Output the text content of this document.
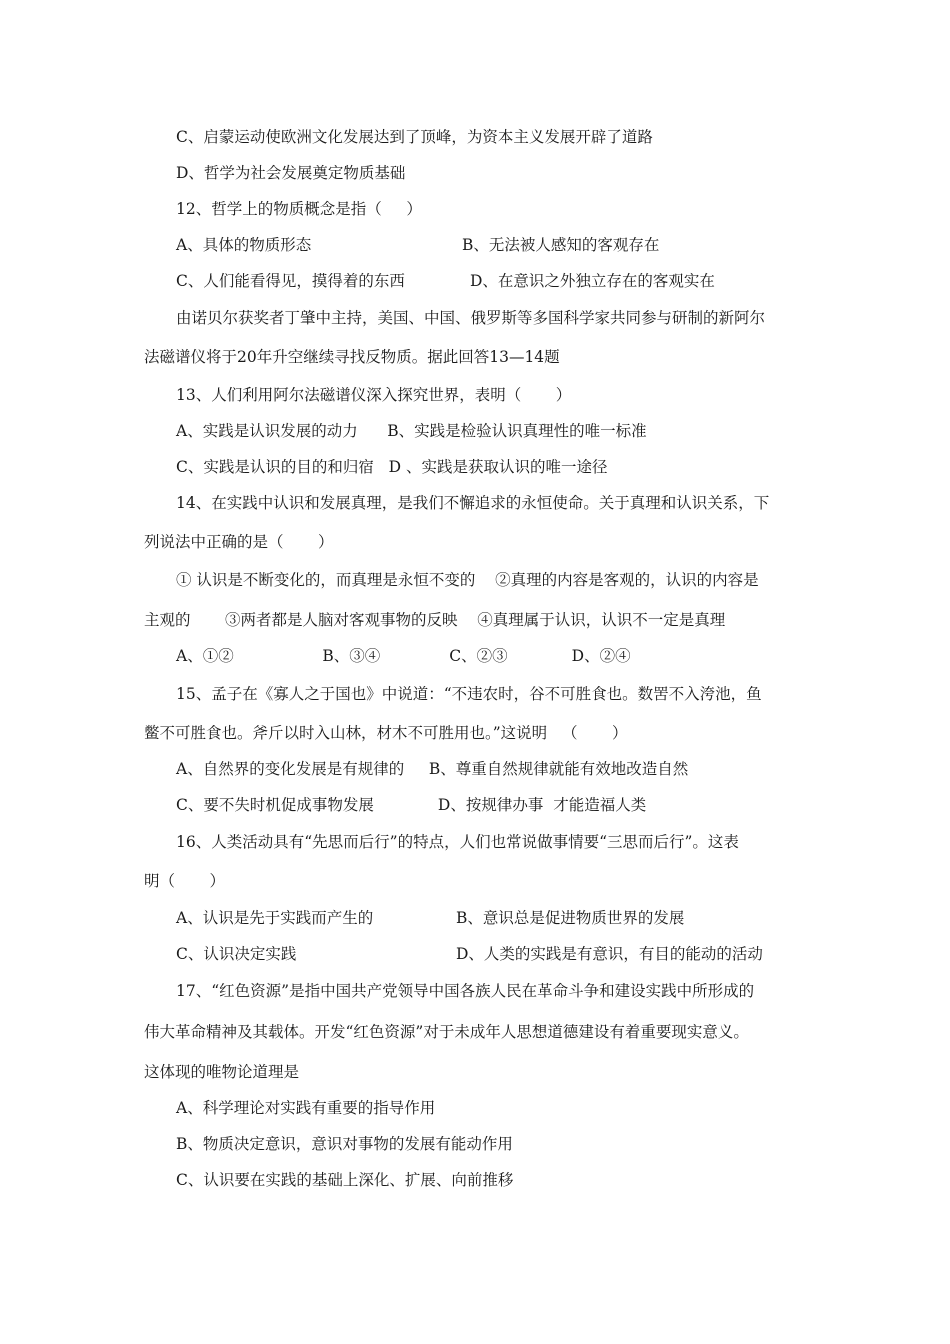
C、启蒙运动使欧洲文化发展达到了顶峰，为资本主义发展开辟了道路
D、哲学为社会发展奠定物质基础
12、哲学上的物质概念是指（     ）
A、具体的物质形态	B、无法被人感知的客观存在
C、人们能看得见，摸得着的东西	D、在意识之外独立存在的客观实在
由诺贝尔获奖者丁肇中主持，美国、中国、俄罗斯等多国科学家共同参与研制的新阿尔
法磁谱仪将于20年升空继续寻找反物质。据此回答13—14题
13、人们利用阿尔法磁谱仪深入探究世界，表明（       ）
A、实践是认识发展的动力      B、实践是检验认识真理性的唯一标准
C、实践是认识的目的和归宿   D 、实践是获取认识的唯一途径
14、在实践中认识和发展真理，是我们不懈追求的永恒使命。关于真理和认识关系，下
列说法中正确的是（       ）
① 认识是不断变化的，而真理是永恒不变的    ②真理的内容是客观的，认识的内容是
主观的       ③两者都是人脑对客观事物的反映    ④真理属于认识，认识不一定是真理
A、①②                  B、③④              C、②③             D、②④
15、孟子在《寡人之于国也》中说道：“不违农时，谷不可胜食也。数罟不入洿池，鱼
鳖不可胜食也。斧斤以时入山林，材木不可胜用也。”这说明   （       ）
A、自然界的变化发展是有规律的     B、尊重自然规律就能有效地改造自然
C、要不失时机促成事物发展             D、按规律办事  才能造福人类
16、人类活动具有“先思而后行”的特点，人们也常说做事情要“三思而后行”。这表
明（       ）
A、认识是先于实践而产生的	B、意识总是促进物质世界的发展
C、认识决定实践	D、人类的实践是有意识，有目的能动的活动
17、“红色资源”是指中国共产党领导中国各族人民在革命斗争和建设实践中所形成的
伟大革命精神及其载体。开发“红色资源”对于未成年人思想道德建设有着重要现实意义。
这体现的唯物论道理是
A、科学理论对实践有重要的指导作用
B、物质决定意识，意识对事物的发展有能动作用
C、认识要在实践的基础上深化、扩展、向前推移
